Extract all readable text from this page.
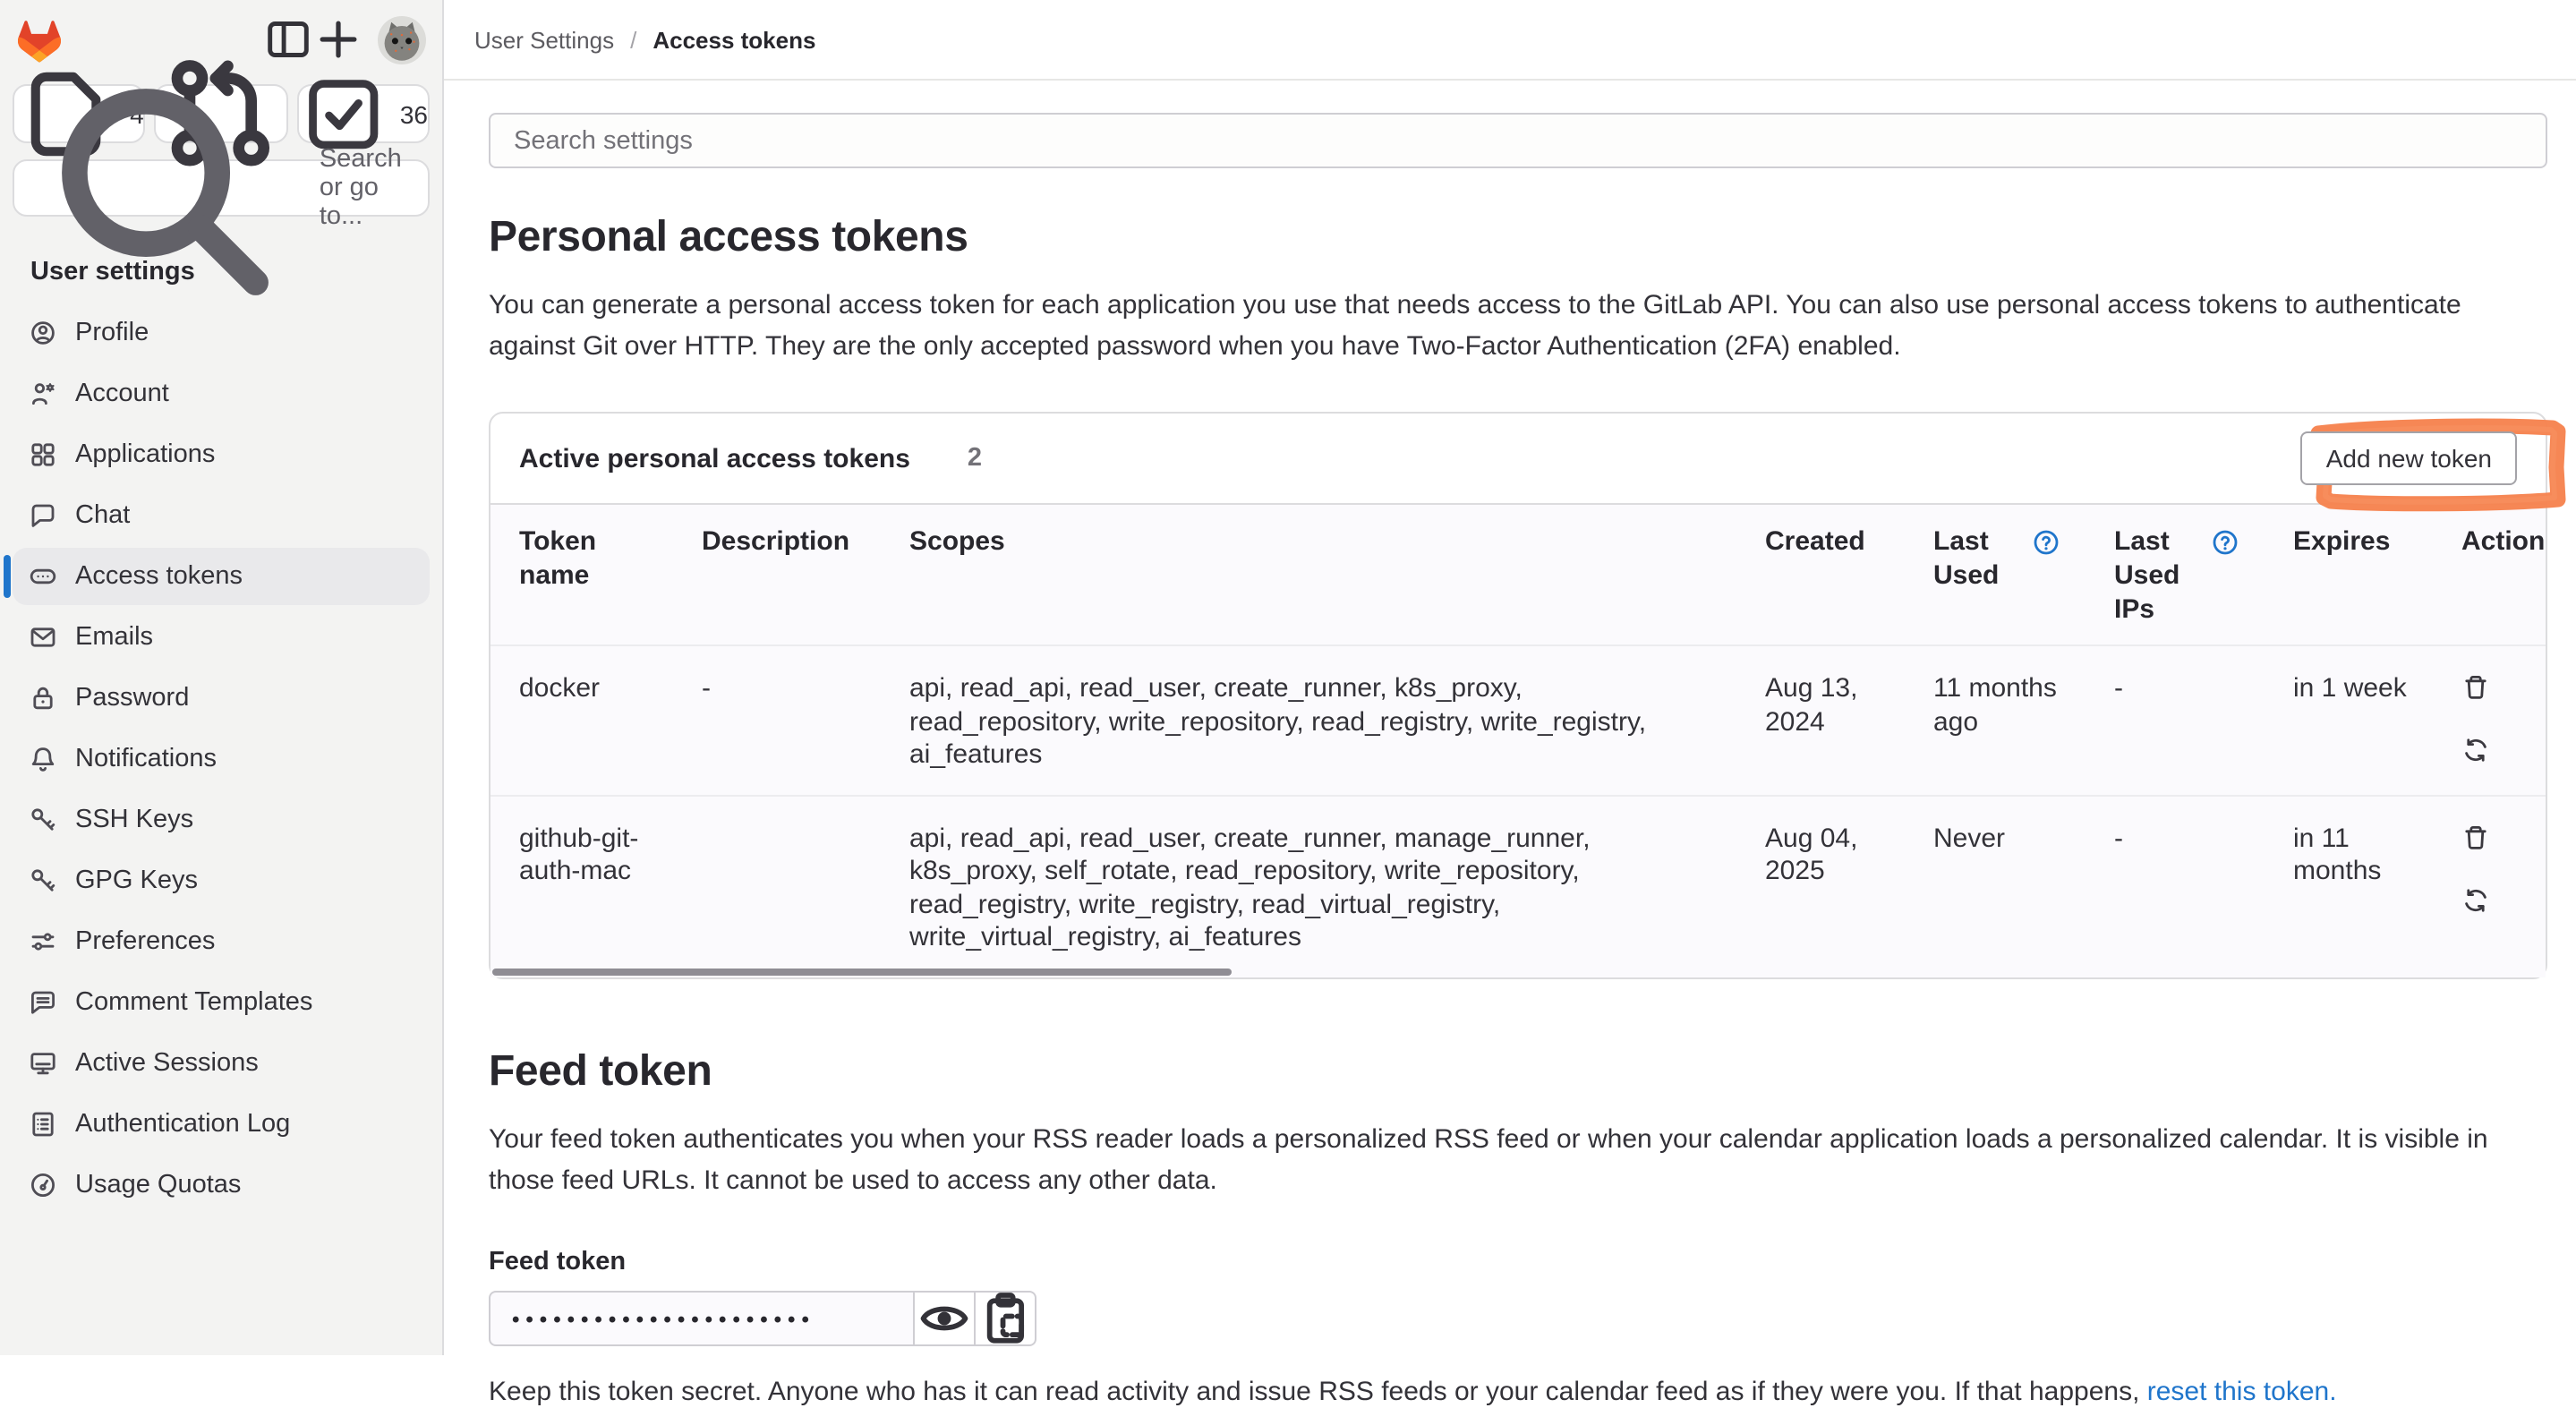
4	36
Search or go to...
User settings
Profile
Account
Applications
Chat
Access tokens
Emails
Password
Notifications
SSH Keys
GPG Keys
Preferences
Comment Templates
Active Sessions
Authentication Log
Usage Quotas
User Settings / Access tokens
Search settings
Personal access tokens

You can generate a personal access token for each application you use that needs access to the GitLab API. You can also use personal access tokens to authenticate against Git over HTTP. They are the only accepted password when you have Two-Factor Authentication (2FA) enabled.

Active personal access tokens	2	Add new token
Token name	Description	Scopes	Created	Last Used	Last Used IPs	Expires	Action

docker	-	api, read_api, read_user, create_runner, k8s_proxy, read_repository, write_repository, read_registry, write_registry, ai_features	Aug 13, 2024	11 months ago	-	in 1 week	

github-git-auth-mac		api, read_api, read_user, create_runner, manage_runner, k8s_proxy, self_rotate, read_repository, write_repository, read_registry, write_registry, read_virtual_registry, write_virtual_registry, ai_features	Aug 04, 2025	Never	-	in 11 months	
Feed token

Your feed token authenticates you when your RSS reader loads a personalized RSS feed or when your calendar application loads a personalized calendar. It is visible in those feed URLs. It cannot be used to access any other data.

Feed token
••••••••••••••••••••••

Keep this token secret. Anyone who has it can read activity and issue RSS feeds or your calendar feed as if they were you. If that happens, reset this token.
